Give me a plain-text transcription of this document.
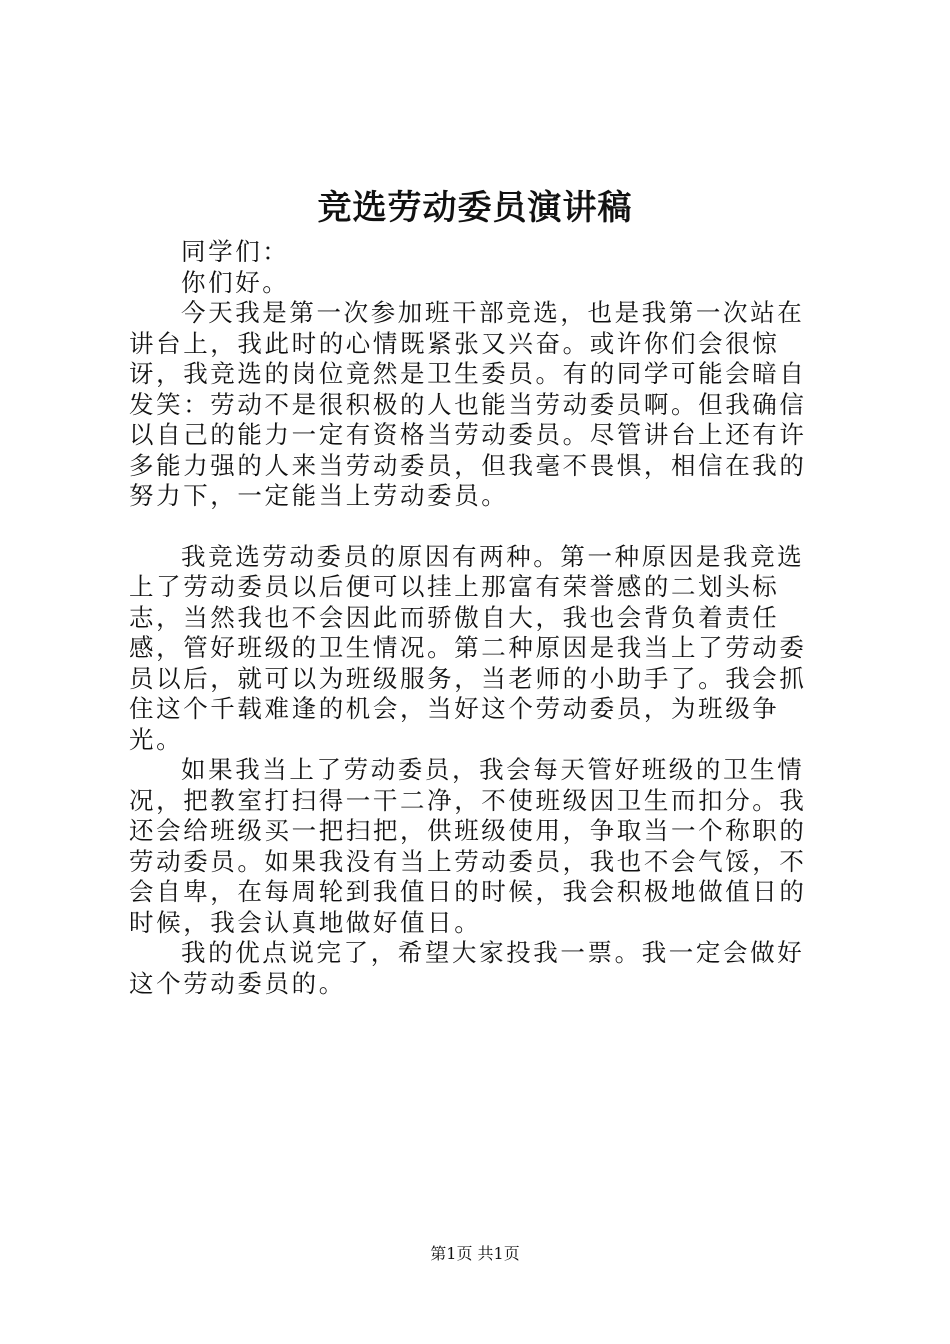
竞选劳动委员演讲稿

同学们：

你们好。

今天我是第一次参加班干部竞选，也是我第一次站在讲台上，我此时的心情既紧张又兴奋。或许你们会很惊讶，我竞选的岗位竟然是卫生委员。有的同学可能会暗自发笑：劳动不是很积极的人也能当劳动委员啊。但我确信以自己的能力一定有资格当劳动委员。尽管讲台上还有许多能力强的人来当劳动委员，但我毫不畏惧，相信在我的努力下，一定能当上劳动委员。

我竞选劳动委员的原因有两种。第一种原因是我竞选上了劳动委员以后便可以挂上那富有荣誉感的二划头标志，当然我也不会因此而骄傲自大，我也会背负着责任感，管好班级的卫生情况。第二种原因是我当上了劳动委员以后，就可以为班级服务，当老师的小助手了。我会抓住这个千载难逢的机会，当好这个劳动委员，为班级争光。

如果我当上了劳动委员，我会每天管好班级的卫生情况，把教室打扫得一干二净，不使班级因卫生而扣分。我还会给班级买一把扫把，供班级使用，争取当一个称职的劳动委员。如果我没有当上劳动委员，我也不会气馁，不会自卑，在每周轮到我值日的时候，我会积极地做值日的时候，我会认真地做好值日。

我的优点说完了，希望大家投我一票。我一定会做好这个劳动委员的。

第1页 共1页
